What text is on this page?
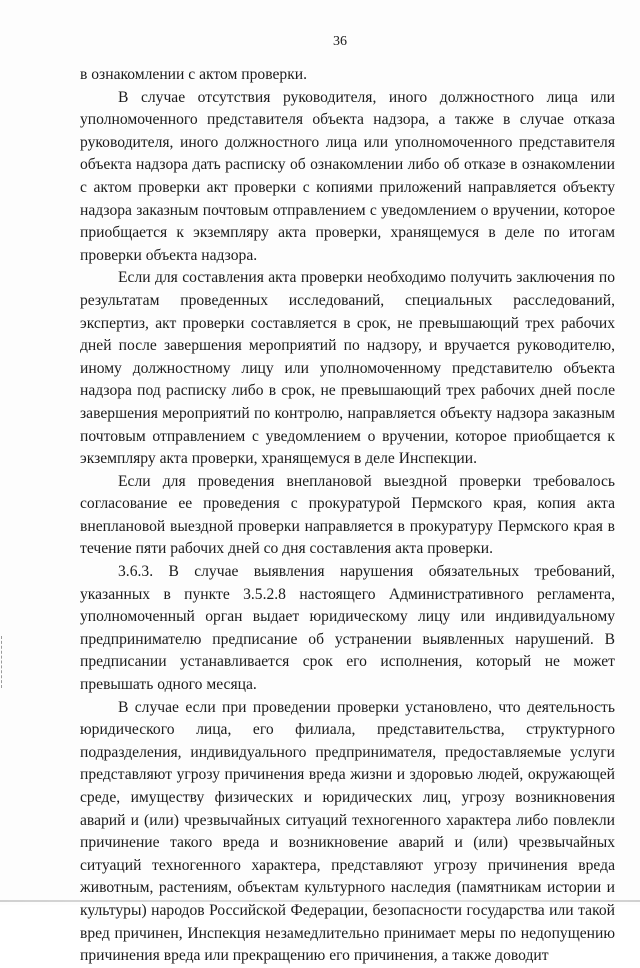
36

в ознакомлении с актом проверки.

В случае отсутствия руководителя, иного должностного лица или уполномоченного представителя объекта надзора, а также в случае отказа руководителя, иного должностного лица или уполномоченного представителя объекта надзора дать расписку об ознакомлении либо об отказе в ознакомлении с актом проверки акт проверки с копиями приложений направляется объекту надзора заказным почтовым отправлением с уведомлением о вручении, которое приобщается к экземпляру акта проверки, хранящемуся в деле по итогам проверки объекта надзора.

Если для составления акта проверки необходимо получить заключения по результатам проведенных исследований, специальных расследований, экспертиз, акт проверки составляется в срок, не превышающий трех рабочих дней после завершения мероприятий по надзору, и вручается руководителю, иному должностному лицу или уполномоченному представителю объекта надзора под расписку либо в срок, не превышающий трех рабочих дней после завершения мероприятий по контролю, направляется объекту надзора заказным почтовым отправлением с уведомлением о вручении, которое приобщается к экземпляру акта проверки, хранящемуся в деле Инспекции.

Если для проведения внеплановой выездной проверки требовалось согласование ее проведения с прокуратурой Пермского края, копия акта внеплановой выездной проверки направляется в прокуратуру Пермского края в течение пяти рабочих дней со дня составления акта проверки.

3.6.3. В случае выявления нарушения обязательных требований, указанных в пункте 3.5.2.8 настоящего Административного регламента, уполномоченный орган выдает юридическому лицу или индивидуальному предпринимателю предписание об устранении выявленных нарушений. В предписании устанавливается срок его исполнения, который не может превышать одного месяца.

В случае если при проведении проверки установлено, что деятельность юридического лица, его филиала, представительства, структурного подразделения, индивидуального предпринимателя, предоставляемые услуги представляют угрозу причинения вреда жизни и здоровью людей, окружающей среде, имуществу физических и юридических лиц, угрозу возникновения аварий и (или) чрезвычайных ситуаций техногенного характера либо повлекли причинение такого вреда и возникновение аварий и (или) чрезвычайных ситуаций техногенного характера, представляют угрозу причинения вреда животным, растениям, объектам культурного наследия (памятникам истории и культуры) народов Российской Федерации, безопасности государства или такой вред причинен, Инспекция незамедлительно принимает меры по недопущению причинения вреда или прекращению его причинения, а также доводит
